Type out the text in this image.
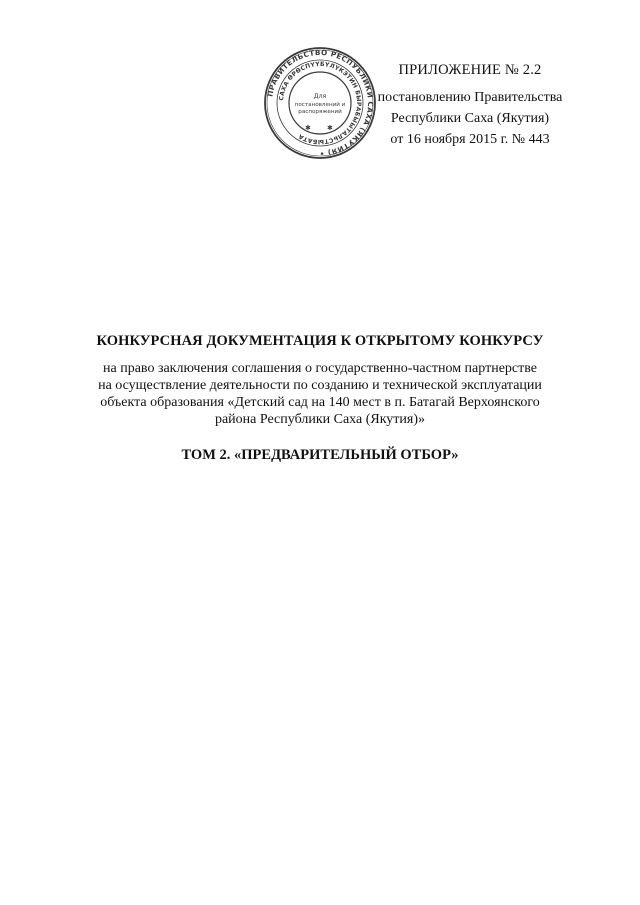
ПРИЛОЖЕНИЕ № 2.2
постановлению Правительства
Республики Саха (Якутия)
от 16 ноября 2015 г. № 443
ПРАВИТЕЛЬСТВО РЕСПУБЛИКИ САХА (ЯКУТИЯ) •
САХА ӨРӨСПҮҮБҮЛҮКЭТИН БЫРАБЫЫТАЛЬСТЫБАТА
Для
постановлений и
распоряжений
✱ ✱
КОНКУРСНАЯ ДОКУМЕНТАЦИЯ К ОТКРЫТОМУ КОНКУРСУ
на право заключения соглашения о государственно-частном партнерстве
на осуществление деятельности по созданию и технической эксплуатации
объекта образования «Детский сад на 140 мест в п. Батагай Верхоянского
района Республики Саха (Якутия)»
ТОМ 2. «ПРЕДВАРИТЕЛЬНЫЙ ОТБОР»
